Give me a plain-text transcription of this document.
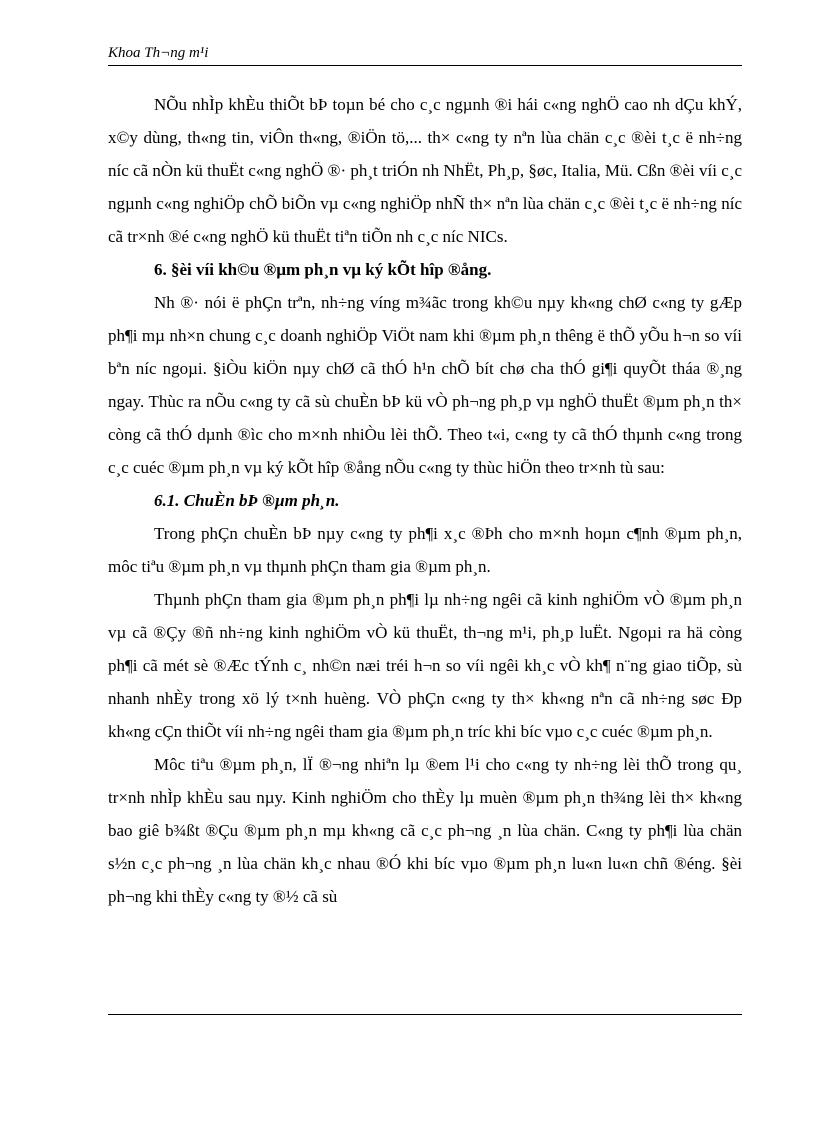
Khoa Th¬ng m¹i

NÕu nhÌp khÈu thiÕt bÞ toµn bé cho c¸c ngµnh ®i hái c«ng nghÖ cao nh dÇu khÝ, x©y dùng, th«ng tin, viÔn th«ng, ®iÖn tö,... th× c«ng ty nªn lùa chän c¸c ®èi t¸c ë nh÷ng níc cã nÒn kü thuËt c«ng nghÖ ®· ph¸t triÓn nh NhËt, Ph¸p, §øc, Italia, Mü. Cßn ®èi víi c¸c ngµnh c«ng nghiÖp chÕ biÕn vµ c«ng nghiÖp nhÑ th× nªn lùa chän c¸c ®èi t¸c ë nh÷ng níc cã tr×nh ®é c«ng nghÖ kü thuËt tiªn tiÕn nh c¸c níc NICs.

6. §èi víi kh©u ®µm ph¸n vµ ký kÕt hîp ®ång.

Nh ®· nói ë phÇn trªn, nh÷ng víng m¾ãc trong kh©u nµy kh«ng chØ c«ng ty gÆp ph¶i mµ nh×n chung c¸c doanh nghiÖp ViÖt nam khi ®µm ph¸n thêng ë thÕ yÕu h¬n so víi bªn níc ngoµi. §iÒu kiÖn nµy chØ cã thÓ h¹n chÕ bít chø cha thÓ gi¶i quyÕt tháa ®¸ng ngay. Thùc ra nÕu c«ng ty cã sù chuÈn bÞ kü vÒ ph¬ng ph¸p vµ nghÖ thuËt ®µm ph¸n th× còng cã thÓ dµnh ®ìc cho m×nh nhiÒu lèi thÕ. Theo t«i, c«ng ty cã thÓ thµnh c«ng trong c¸c cuéc ®µm ph¸n vµ ký kÕt hîp ®ång nÕu c«ng ty thùc hiÖn theo tr×nh tù sau:

6.1. ChuÈn bÞ ®µm ph¸n.

Trong phÇn chuÈn bÞ nµy c«ng ty ph¶i x¸c ®Þh cho m×nh hoµn c¶nh ®µm ph¸n, môc tiªu ®µm ph¸n vµ thµnh phÇn tham gia ®µm ph¸n.

Thµnh phÇn tham gia ®µm ph¸n ph¶i lµ nh÷ng ngêi cã kinh nghiÖm vÒ ®µm ph¸n vµ cã ®Çy ®ñ nh÷ng kinh nghiÖm vÒ kü thuËt, th¬ng m¹i, ph¸p luËt. Ngoµi ra hä còng ph¶i cã mét sè ®Æc tÝnh c¸ nh©n næi tréi h¬n so víi ngêi kh¸c vÒ kh¶ n¨ng giao tiÕp, sù nhanh nhÈy trong xö lý t×nh huèng. VÒ phÇn c«ng ty th× kh«ng nªn cã nh÷ng søc Ðp kh«ng cÇn thiÕt víi nh÷ng ngêi tham gia ®µm ph¸n tríc khi bíc vµo c¸c cuéc ®µm ph¸n.

Môc tiªu ®µm ph¸n, lÏ ®¬ng nhiªn lµ ®em l¹i cho c«ng ty nh÷ng lèi thÕ trong qu¸ tr×nh nhÌp khÈu sau nµy. Kinh nghiÖm cho thÈy lµ muèn ®µm ph¸n th¾ng lèi th× kh«ng bao giê b¾ßt ®Çu ®µm ph¸n mµ kh«ng cã c¸c ph¬ng ¸n lùa chän. C«ng ty ph¶i lùa chän s½n c¸c ph¬ng ¸n lùa chän kh¸c nhau ®Ó khi bíc vµo ®µm ph¸n lu«n lu«n chñ ®éng. §èi ph¬ng khi thÈy c«ng ty ®½ cã sù
